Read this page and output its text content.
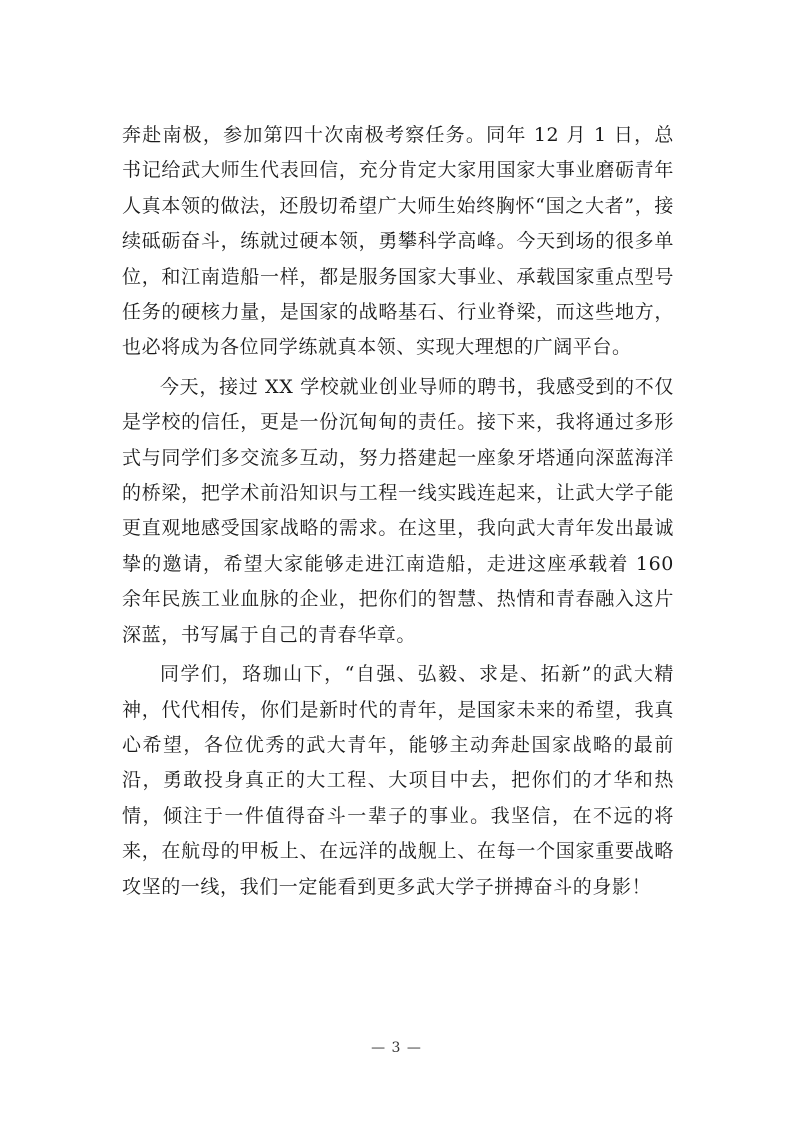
奔赴南极，参加第四十次南极考察任务。同年 12 月 1 日，总书记给武大师生代表回信，充分肯定大家用国家大事业磨砺青年人真本领的做法，还殷切希望广大师生始终胸怀“国之大者”，接续砥砺奋斗，练就过硬本领，勇攀科学高峰。今天到场的很多单位，和江南造船一样，都是服务国家大事业、承载国家重点型号任务的硬核力量，是国家的战略基石、行业脊梁，而这些地方，也必将成为各位同学练就真本领、实现大理想的广阔平台。

今天，接过 XX 学校就业创业导师的聘书，我感受到的不仅是学校的信任，更是一份沉甸甸的责任。接下来，我将通过多形式与同学们多交流多互动，努力搭建起一座象牙塔通向深蓝海洋的桥梁，把学术前沿知识与工程一线实践连起来，让武大学子能更直观地感受国家战略的需求。在这里，我向武大青年发出最诚挚的邀请，希望大家能够走进江南造船，走进这座承载着 160 余年民族工业血脉的企业，把你们的智慧、热情和青春融入这片深蓝，书写属于自己的青春华章。

同学们，珞珈山下，“自强、弘毅、求是、拓新”的武大精神，代代相传，你们是新时代的青年，是国家未来的希望，我真心希望，各位优秀的武大青年，能够主动奔赴国家战略的最前沿，勇敢投身真正的大工程、大项目中去，把你们的才华和热情，倾注于一件值得奋斗一辈子的事业。我坚信，在不远的将来，在航母的甲板上、在远洋的战舰上、在每一个国家重要战略攻坚的一线，我们一定能看到更多武大学子拼搏奋斗的身影！

— 3 —
